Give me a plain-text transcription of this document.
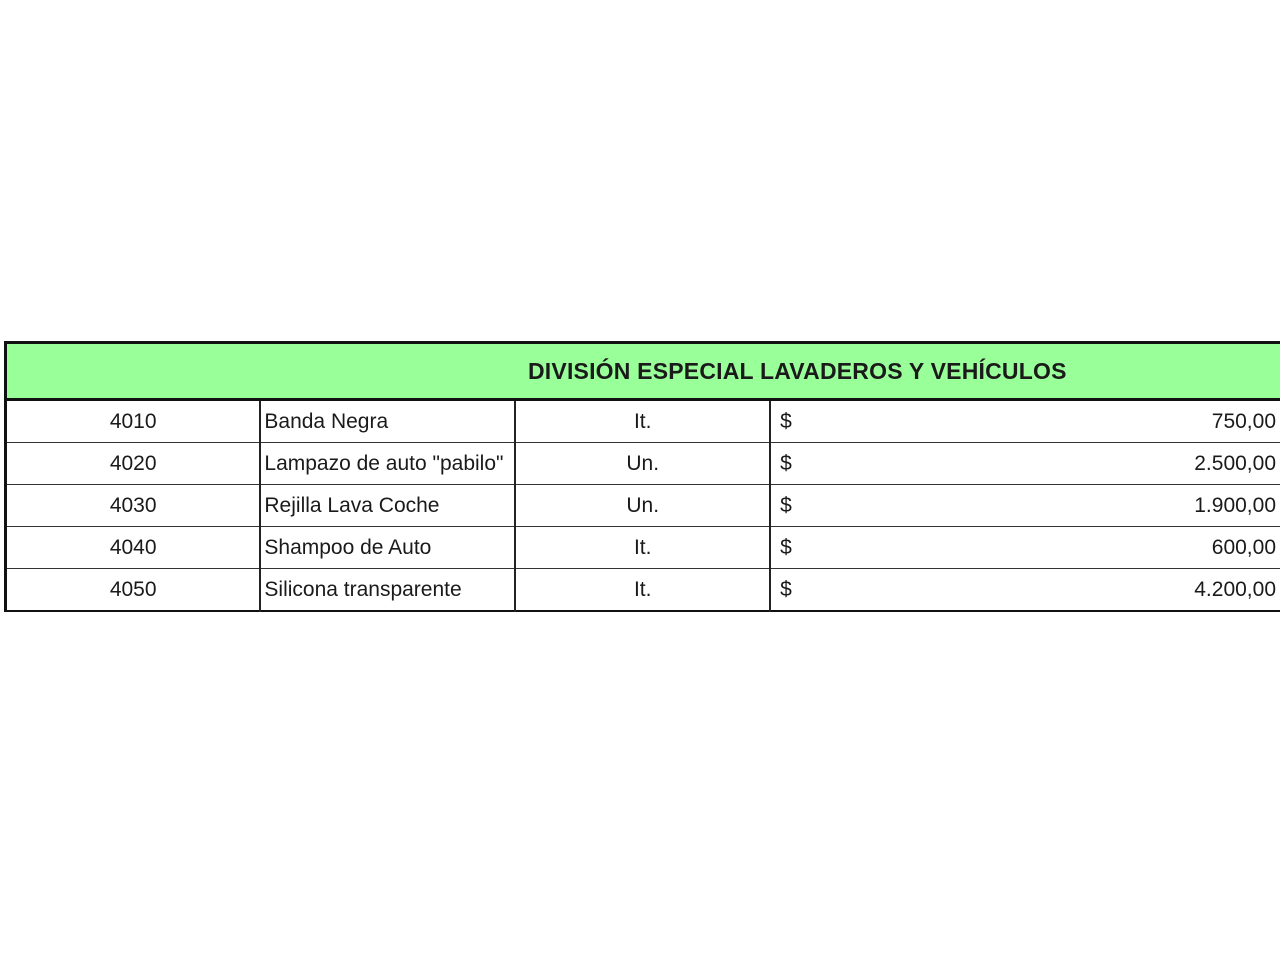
DIVISIÓN ESPECIAL LAVADEROS Y VEHÍCULOS				
4010	Banda Negra	It.	$	750,00
4020	Lampazo de auto "pabilo"	Un.	$	2.500,00
4030	Rejilla Lava Coche	Un.	$	1.900,00
4040	Shampoo de Auto	It.	$	600,00
4050	Silicona transparente	It.	$	4.200,00
